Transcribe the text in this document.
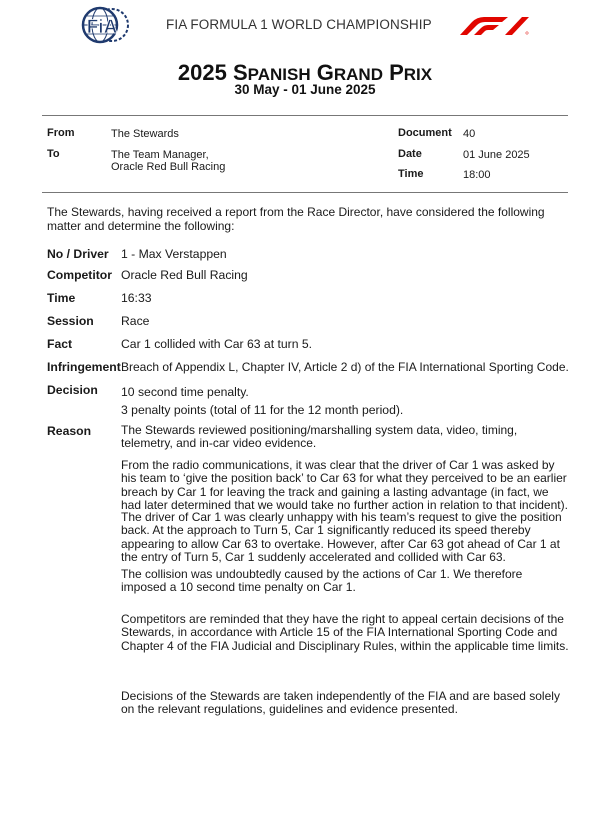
FiA	FIA FORMULA 1 WORLD CHAMPIONSHIP
2025 SPANISH GRAND PRIX
30 May - 01 June 2025
From	The Stewards
To	The Team Manager,
Oracle Red Bull Racing
Document 40
Date	01 June 2025
Time	18:00
The Stewards, having received a report from the Race Director, have considered the following matter and determine the following:
No / Driver 1 - Max Verstappen
Competitor Oracle Red Bull Racing
Time	16:33
Session Race
Fact	Car 1 collided with Car 63 at turn 5.
Infringement Breach of Appendix L, Chapter IV, Article 2 d) of the FIA International Sporting Code.
Decision 10 second time penalty.
3 penalty points (total of 11 for the 12 month period).
Reason The Stewards reviewed positioning/marshalling system data, video, timing, telemetry, and in-car video evidence.
From the radio communications, it was clear that the driver of Car 1 was asked by his team to ‘give the position back’ to Car 63 for what they perceived to be an earlier breach by Car 1 for leaving the track and gaining a lasting advantage (in fact, we had later determined that we would take no further action in relation to that incident).
The driver of Car 1 was clearly unhappy with his team’s request to give the position back. At the approach to Turn 5, Car 1 significantly reduced its speed thereby appearing to allow Car 63 to overtake. However, after Car 63 got ahead of Car 1 at the entry of Turn 5, Car 1 suddenly accelerated and collided with Car 63.
The collision was undoubtedly caused by the actions of Car 1. We therefore imposed a 10 second time penalty on Car 1.
Competitors are reminded that they have the right to appeal certain decisions of the Stewards, in accordance with Article 15 of the FIA International Sporting Code and Chapter 4 of the FIA Judicial and Disciplinary Rules, within the applicable time limits.
Decisions of the Stewards are taken independently of the FIA and are based solely on the relevant regulations, guidelines and evidence presented.
